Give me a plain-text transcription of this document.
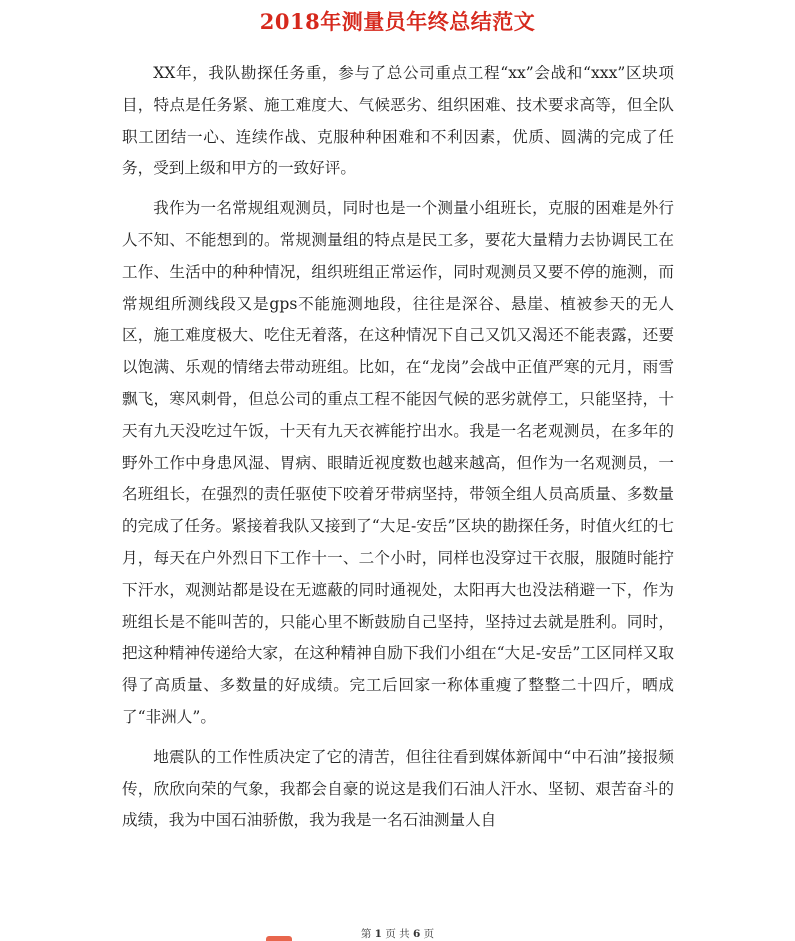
2018年测量员年终总结范文

XX年，我队勘探任务重，参与了总公司重点工程“xx”会战和“xxx”区块项目，特点是任务紧、施工难度大、气候恶劣、组织困难、技术要求高等，但全队职工团结一心、连续作战、克服种种困难和不利因素，优质、圆满的完成了任务，受到上级和甲方的一致好评。

我作为一名常规组观测员，同时也是一个测量小组班长，克服的困难是外行人不知、不能想到的。常规测量组的特点是民工多，要花大量精力去协调民工在工作、生活中的种种情况，组织班组正常运作，同时观测员又要不停的施测，而常规组所测线段又是gps不能施测地段，往往是深谷、悬崖、植被参天的无人区，施工难度极大、吃住无着落，在这种情况下自己又饥又渴还不能表露，还要以饱满、乐观的情绪去带动班组。比如，在“龙岗”会战中正值严寒的元月，雨雪飘飞，寒风刺骨，但总公司的重点工程不能因气候的恶劣就停工，只能坚持，十天有九天没吃过午饭，十天有九天衣裤能拧出水。我是一名老观测员，在多年的野外工作中身患风湿、胃病、眼睛近视度数也越来越高，但作为一名观测员，一名班组长，在强烈的责任驱使下咬着牙带病坚持，带领全组人员高质量、多数量的完成了任务。紧接着我队又接到了“大足-安岳”区块的勘探任务，时值火红的七月，每天在户外烈日下工作十一、二个小时，同样也没穿过干衣服，服随时能拧下汗水，观测站都是设在无遮蔽的同时通视处，太阳再大也没法稍避一下，作为班组长是不能叫苦的，只能心里不断鼓励自己坚持，坚持过去就是胜利。同时，把这种精神传递给大家，在这种精神自励下我们小组在“大足-安岳”工区同样又取得了高质量、多数量的好成绩。完工后回家一称体重瘦了整整二十四斤，晒成了“非洲人”。

地震队的工作性质决定了它的清苦，但往往看到媒体新闻中“中石油”接报频传，欣欣向荣的气象，我都会自豪的说这是我们石油人汗水、坚韧、艰苦奋斗的成绩，我为中国石油骄傲，我为我是一名石油测量人自

第 1 页 共 6 页
